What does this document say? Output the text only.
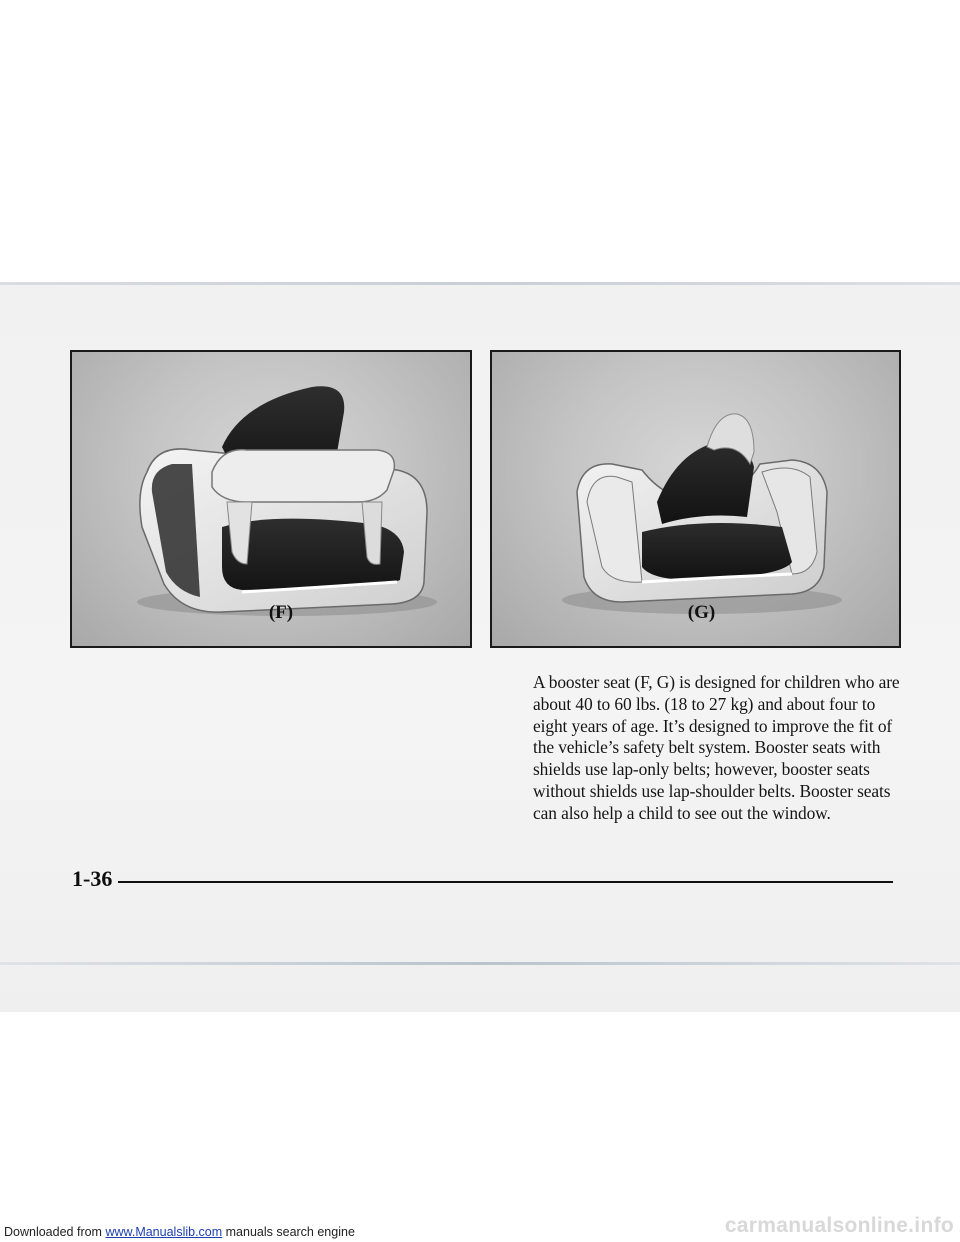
(F)	(G)

A booster seat (F, G) is designed for children who are about 40 to 60 lbs. (18 to 27 kg) and about four to eight years of age. It’s designed to improve the fit of the vehicle’s safety belt system. Booster seats with shields use lap-only belts; however, booster seats without shields use lap-shoulder belts. Booster seats can also help a child to see out the window.

1-36
Downloaded from www.Manualslib.com manuals search engine	carmanualsonline.info
